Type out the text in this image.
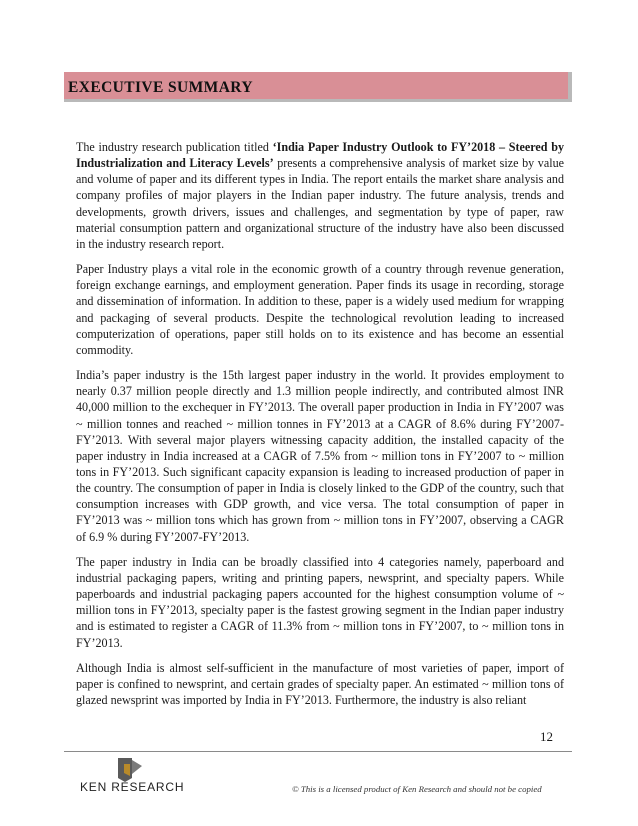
EXECUTIVE SUMMARY

The industry research publication titled ‘India Paper Industry Outlook to FY’2018 – Steered by Industrialization and Literacy Levels’ presents a comprehensive analysis of market size by value and volume of paper and its different types in India. The report entails the market share analysis and company profiles of major players in the Indian paper industry. The future analysis, trends and developments, growth drivers, issues and challenges, and segmentation by type of paper, raw material consumption pattern and organizational structure of the industry have also been discussed in the industry research report.

Paper Industry plays a vital role in the economic growth of a country through revenue generation, foreign exchange earnings, and employment generation. Paper finds its usage in recording, storage and dissemination of information. In addition to these, paper is a widely used medium for wrapping and packaging of several products. Despite the technological revolution leading to increased computerization of operations, paper still holds on to its existence and has become an essential commodity.

India’s paper industry is the 15th largest paper industry in the world. It provides employment to nearly 0.37 million people directly and 1.3 million people indirectly, and contributed almost INR 40,000 million to the exchequer in FY’2013. The overall paper production in India in FY’2007 was ~ million tonnes and reached ~ million tonnes in FY’2013 at a CAGR of 8.6% during FY’2007-FY’2013. With several major players witnessing capacity addition, the installed capacity of the paper industry in India increased at a CAGR of 7.5% from ~ million tons in FY’2007 to ~ million tons in FY’2013. Such significant capacity expansion is leading to increased production of paper in the country. The consumption of paper in India is closely linked to the GDP of the country, such that consumption increases with GDP growth, and vice versa. The total consumption of paper in FY’2013 was ~ million tons which has grown from ~ million tons in FY’2007, observing a CAGR of 6.9 % during FY’2007-FY’2013.

The paper industry in India can be broadly classified into 4 categories namely, paperboard and industrial packaging papers, writing and printing papers, newsprint, and specialty papers. While paperboards and industrial packaging papers accounted for the highest consumption volume of ~ million tons in FY’2013, specialty paper is the fastest growing segment in the Indian paper industry and is estimated to register a CAGR of 11.3% from ~ million tons in FY’2007, to ~ million tons in FY’2013.

Although India is almost self-sufficient in the manufacture of most varieties of paper, import of paper is confined to newsprint, and certain grades of specialty paper. An estimated ~ million tons of glazed newsprint was imported by India in FY’2013. Furthermore, the industry is also reliant

12
KEN RESEARCH	© This is a licensed product of Ken Research and should not be copied
